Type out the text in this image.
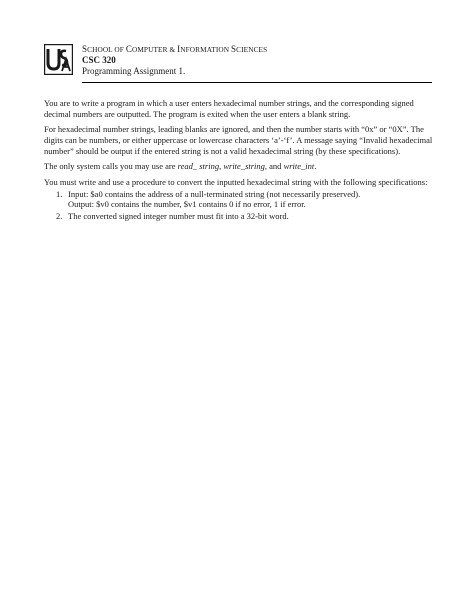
SCHOOL OF COMPUTER & INFORMATION SCIENCES
CSC 320
Programming Assignment 1.

You are to write a program in which a user enters hexadecimal number strings, and the corresponding signed decimal numbers are outputted. The program is exited when the user enters a blank string.

For hexadecimal number strings, leading blanks are ignored, and then the number starts with “0x” or “0X”. The digits can be numbers, or either uppercase or lowercase characters ‘a’-‘f’. A message saying “Invalid hexadecimal number” should be output if the entered string is not a valid hexadecimal string (by these specifications).

The only system calls you may use are read_ string, write_string, and write_int.

You must write and use a procedure to convert the inputted hexadecimal string with the following specifications:

1. Input: $a0 contains the address of a null-terminated string (not necessarily preserved).
Output: $v0 contains the number, $v1 contains 0 if no error, 1 if error.
2. The converted signed integer number must fit into a 32-bit word.
